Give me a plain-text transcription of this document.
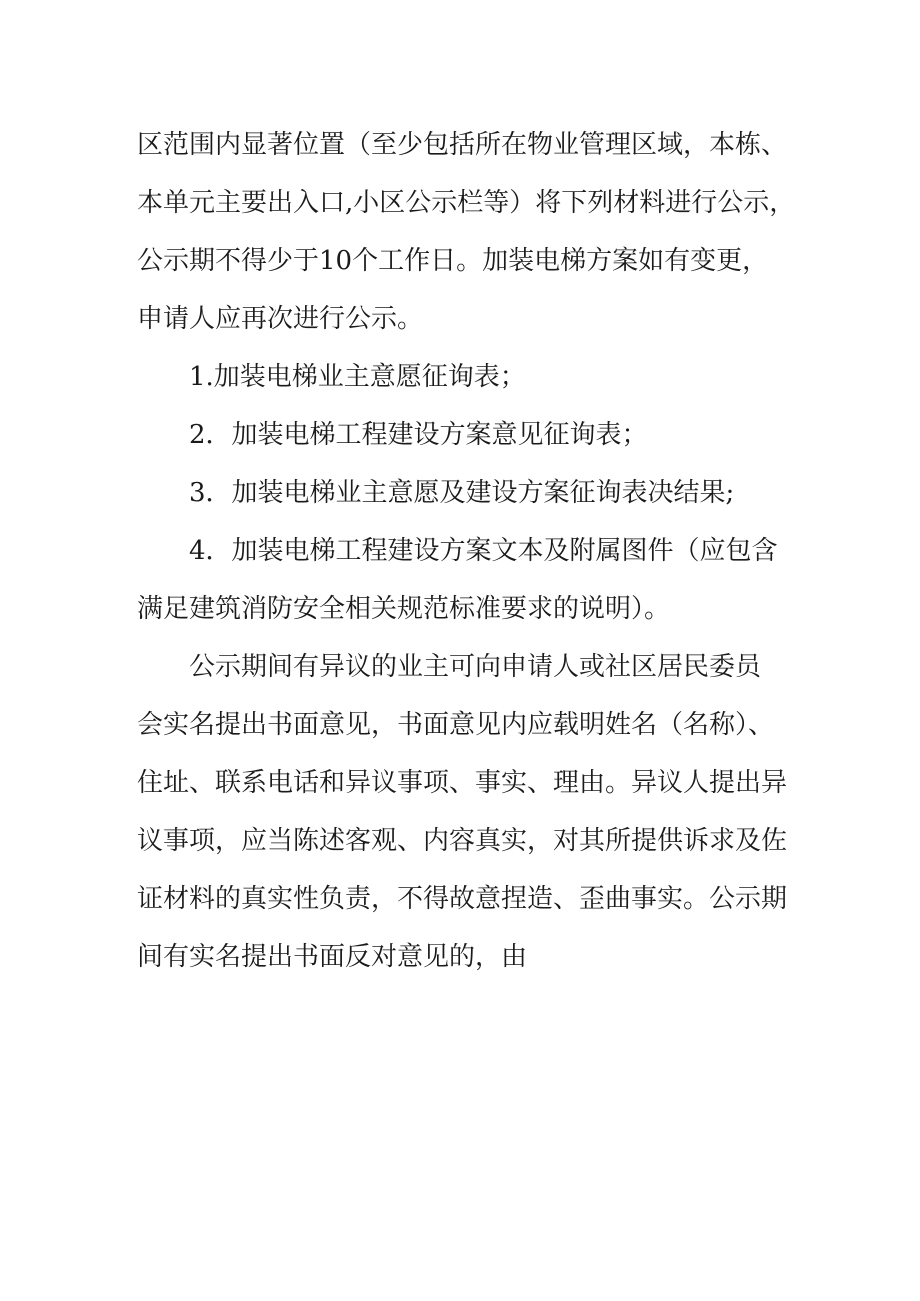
区范围内显著位置（至少包括所在物业管理区域，本栋、
本单元主要出入口,小区公示栏等）将下列材料进行公示，
公示期不得少于10个工作日。加装电梯方案如有变更，
申请人应再次进行公示。

1.加装电梯业主意愿征询表；

2．加装电梯工程建设方案意见征询表；

3．加装电梯业主意愿及建设方案征询表决结果;

4．加装电梯工程建设方案文本及附属图件（应包含
满足建筑消防安全相关规范标准要求的说明）。

公示期间有异议的业主可向申请人或社区居民委员
会实名提出书面意见，书面意见内应载明姓名（名称）、
住址、联系电话和异议事项、事实、理由。异议人提出异
议事项，应当陈述客观、内容真实，对其所提供诉求及佐
证材料的真实性负责，不得故意捏造、歪曲事实。公示期
间有实名提出书面反对意见的，由
